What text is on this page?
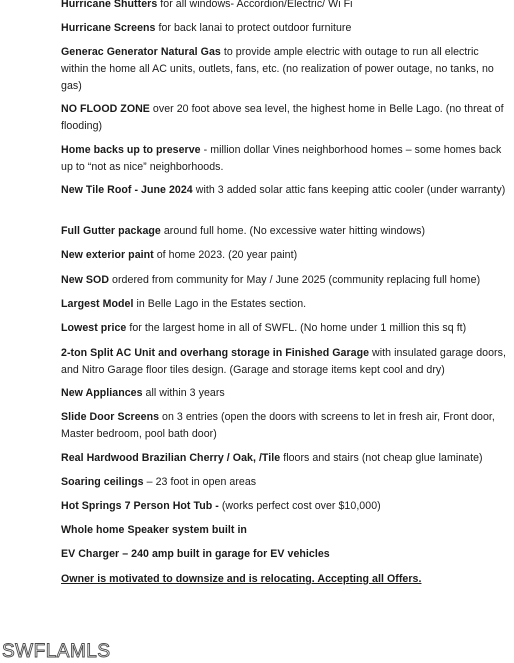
Hurricane Shutters for all windows- Accordion/Electric/ Wi Fi
Hurricane Screens for back lanai to protect outdoor furniture
Generac Generator Natural Gas to provide ample electric with outage to run all electric within the home all AC units, outlets, fans, etc. (no realization of power outage, no tanks, no gas)
NO FLOOD ZONE over 20 foot above sea level, the highest home in Belle Lago. (no threat of flooding)
Home backs up to preserve - million dollar Vines neighborhood homes – some homes back up to “not as nice” neighborhoods.
New Tile Roof - June 2024 with 3 added solar attic fans keeping attic cooler (under warranty)
Full Gutter package around full home. (No excessive water hitting windows)
New exterior paint of home 2023. (20 year paint)
New SOD ordered from community for May / June 2025 (community replacing full home)
Largest Model in Belle Lago in the Estates section.
Lowest price for the largest home in all of SWFL. (No home under 1 million this sq ft)
2-ton Split AC Unit and overhang storage in Finished Garage with insulated garage doors, and Nitro Garage floor tiles design. (Garage and storage items kept cool and dry)
New Appliances all within 3 years
Slide Door Screens on 3 entries (open the doors with screens to let in fresh air, Front door, Master bedroom, pool bath door)
Real Hardwood Brazilian Cherry / Oak, /Tile floors and stairs (not cheap glue laminate)
Soaring ceilings – 23 foot in open areas
Hot Springs 7 Person Hot Tub - (works perfect cost over $10,000)
Whole home Speaker system built in
EV Charger – 240 amp built in garage for EV vehicles
Owner is motivated to downsize and is relocating. Accepting all Offers.
SWFLAMLS
